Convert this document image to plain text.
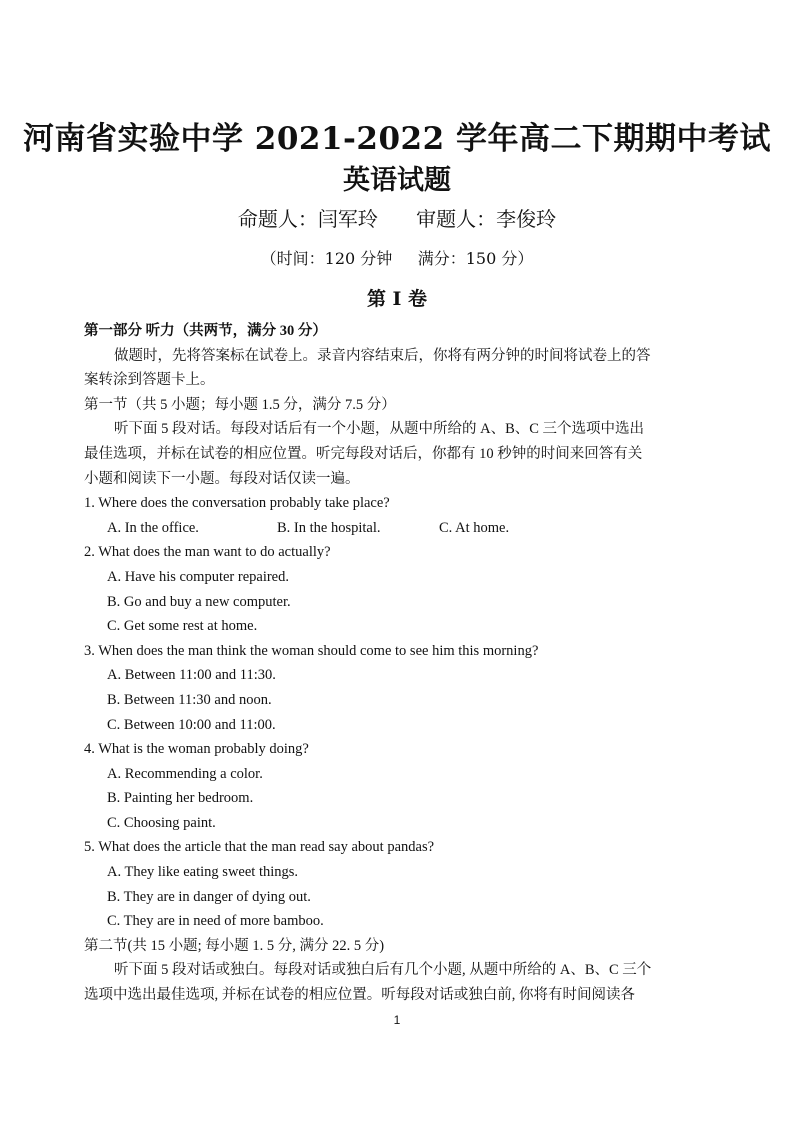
河南省实验中学 2021-2022 学年高二下期期中考试
英语试题
命题人：闫军玲      审题人：李俊玲
（时间：120 分钟     满分：150 分）
第 I 卷
第一部分 听力（共两节，满分 30 分）
做题时，先将答案标在试卷上。录音内容结束后，你将有两分钟的时间将试卷上的答
案转涂到答题卡上。
第一节（共 5 小题；每小题 1.5 分，满分 7.5 分）
听下面 5 段对话。每段对话后有一个小题，从题中所给的 A、B、C 三个选项中选出
最佳选项，并标在试卷的相应位置。听完每段对话后，你都有 10 秒钟的时间来回答有关
小题和阅读下一小题。每段对话仅读一遍。
1. Where does the conversation probably take place?
A. In the office.	B. In the hospital.	C. At home.
2. What does the man want to do actually?
A. Have his computer repaired.
B. Go and buy a new computer.
C. Get some rest at home.
3. When does the man think the woman should come to see him this morning?
A. Between 11:00 and 11:30.
B. Between 11:30 and noon.
C. Between 10:00 and 11:00.
4. What is the woman probably doing?
A. Recommending a color.
B. Painting her bedroom.
C. Choosing paint.
5. What does the article that the man read say about pandas?
A. They like eating sweet things.
B. They are in danger of dying out.
C. They are in need of more bamboo.
第二节(共 15 小题; 每小题 1. 5 分, 满分 22. 5 分)
听下面 5 段对话或独白。每段对话或独白后有几个小题, 从题中所给的 A、B、C 三个
选项中选出最佳选项, 并标在试卷的相应位置。听每段对话或独白前, 你将有时间阅读各
1
